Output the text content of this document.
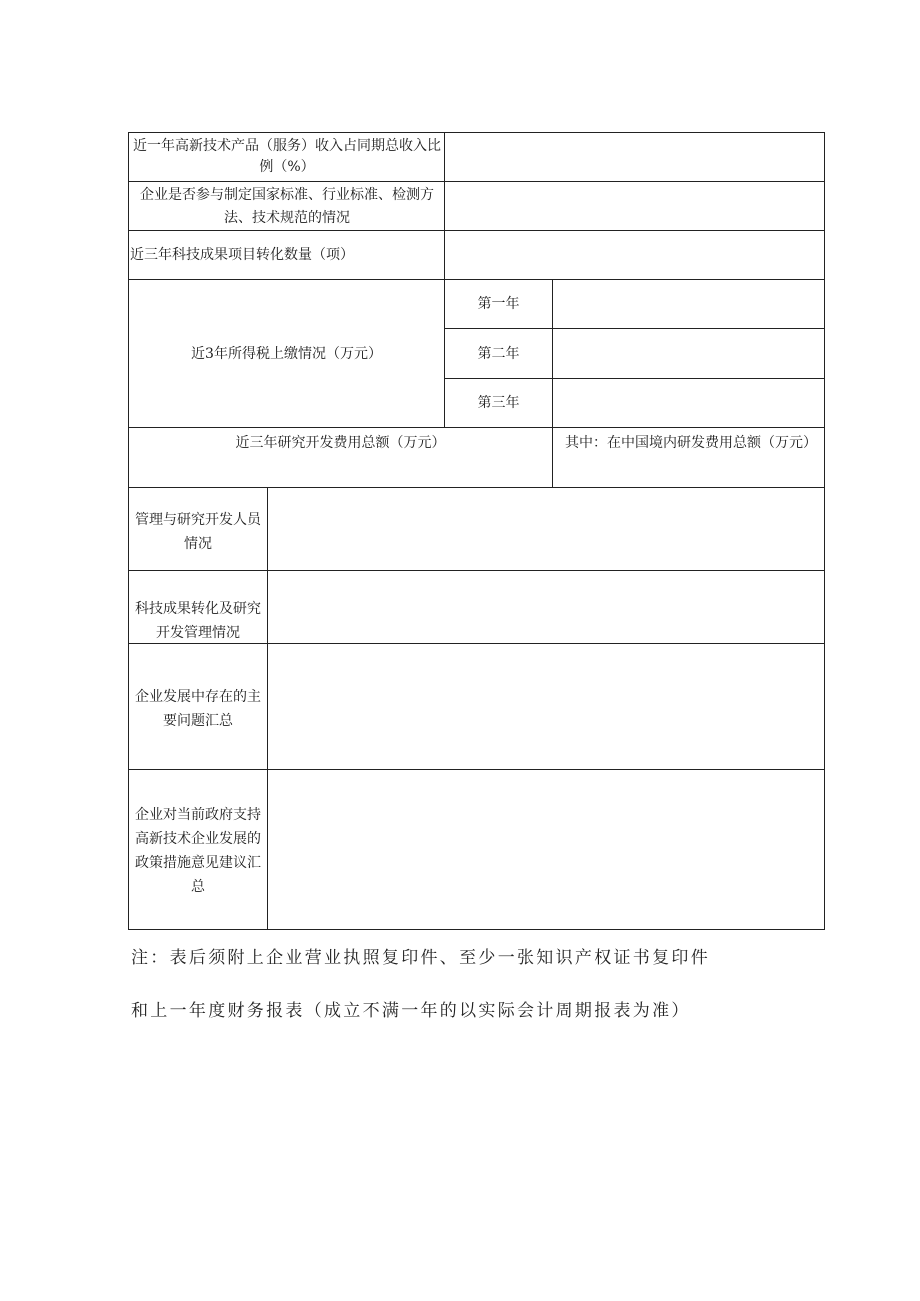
近一年高新技术产品（服务）收入占同期总收入比例（%）
企业是否参与制定国家标准、行业标准、检测方法、技术规范的情况
近三年科技成果项目转化数量（项）
近3年所得税上缴情况（万元）
第一年
第二年
第三年
近三年研究开发费用总额（万元）	其中：在中国境内研发费用总额（万元）
管理与研究开发人员情况
科技成果转化及研究开发管理情况
企业发展中存在的主要问题汇总
企业对当前政府支持高新技术企业发展的政策措施意见建议汇总
注：表后须附上企业营业执照复印件、至少一张知识产权证书复印件
和上一年度财务报表（成立不满一年的以实际会计周期报表为准）
